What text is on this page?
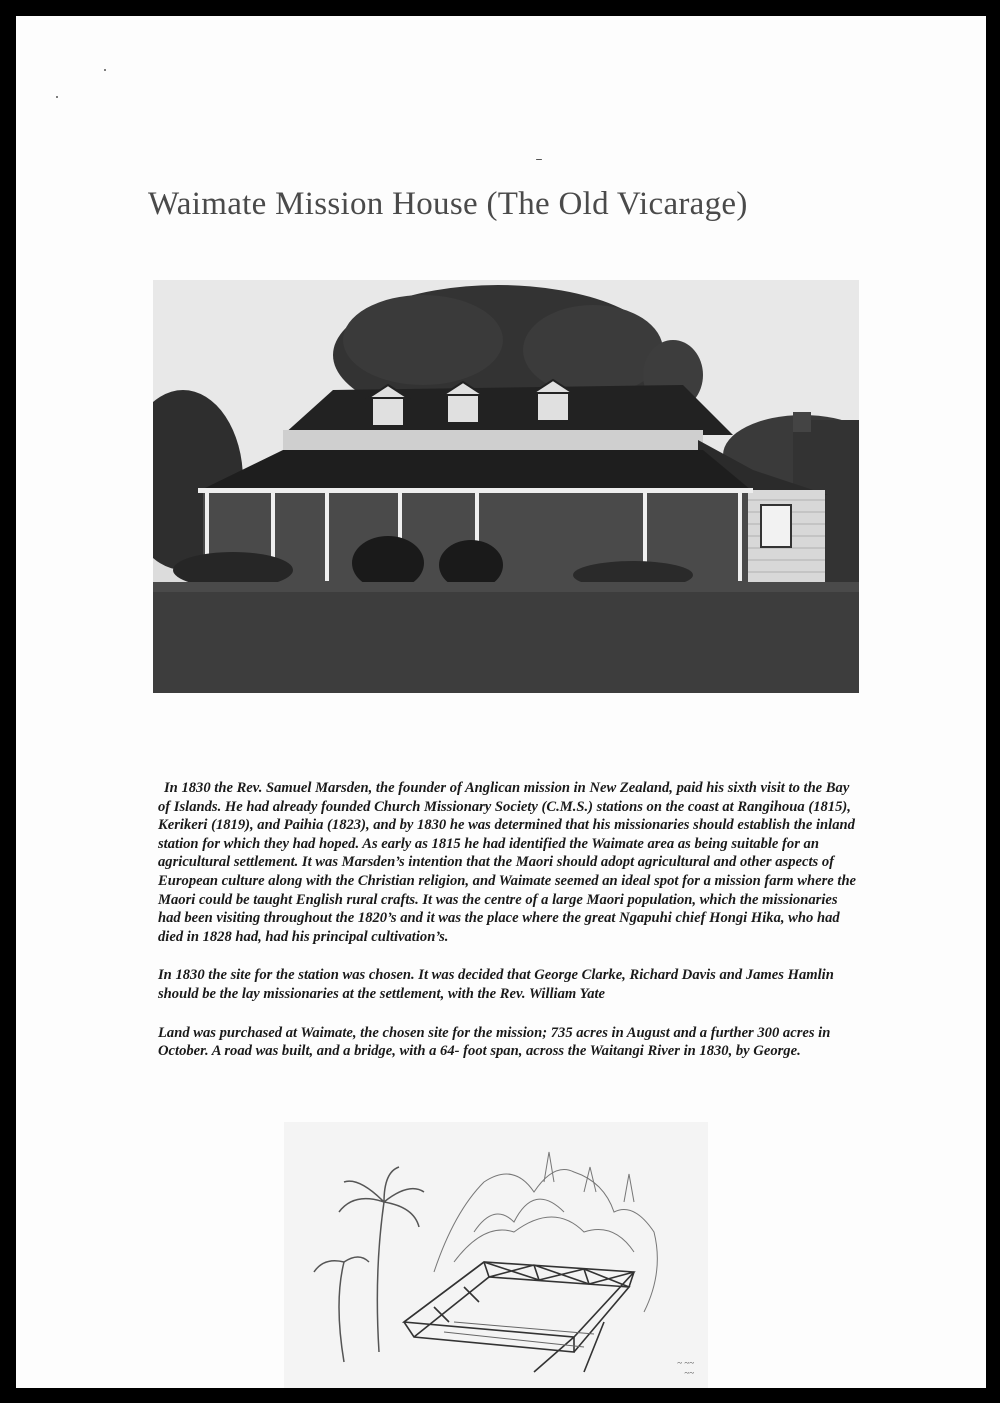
Waimate Mission House (The Old Vicarage)

In 1830 the Rev. Samuel Marsden, the founder of Anglican mission in New Zealand, paid his sixth visit to the Bay of Islands. He had already founded Church Missionary Society (C.M.S.) stations on the coast at Rangihoua (1815), Kerikeri (1819), and Paihia (1823), and by 1830 he was determined that his missionaries should establish the inland station for which they had hoped. As early as 1815 he had identified the Waimate area as being suitable for an agricultural settlement. It was Marsden’s intention that the Maori should adopt agricultural and other aspects of European culture along with the Christian religion, and Waimate seemed an ideal spot for a mission farm where the Maori could be taught English rural crafts. It was the centre of a large Maori population, which the missionaries had been visiting throughout the 1820’s and it was the place where the great Ngapuhi chief Hongi Hika, who had died in 1828 had, had his principal cultivation’s.

In 1830 the site for the station was chosen. It was decided that George Clarke, Richard Davis and James Hamlin should be the lay missionaries at the settlement, with the Rev. William Yate

Land was purchased at Waimate, the chosen site for the mission; 735 acres in August and a further 300 acres in October. A road was built, and a bridge, with a 64- foot span, across the Waitangi River in 1830, by George.

~ ~~
~~
